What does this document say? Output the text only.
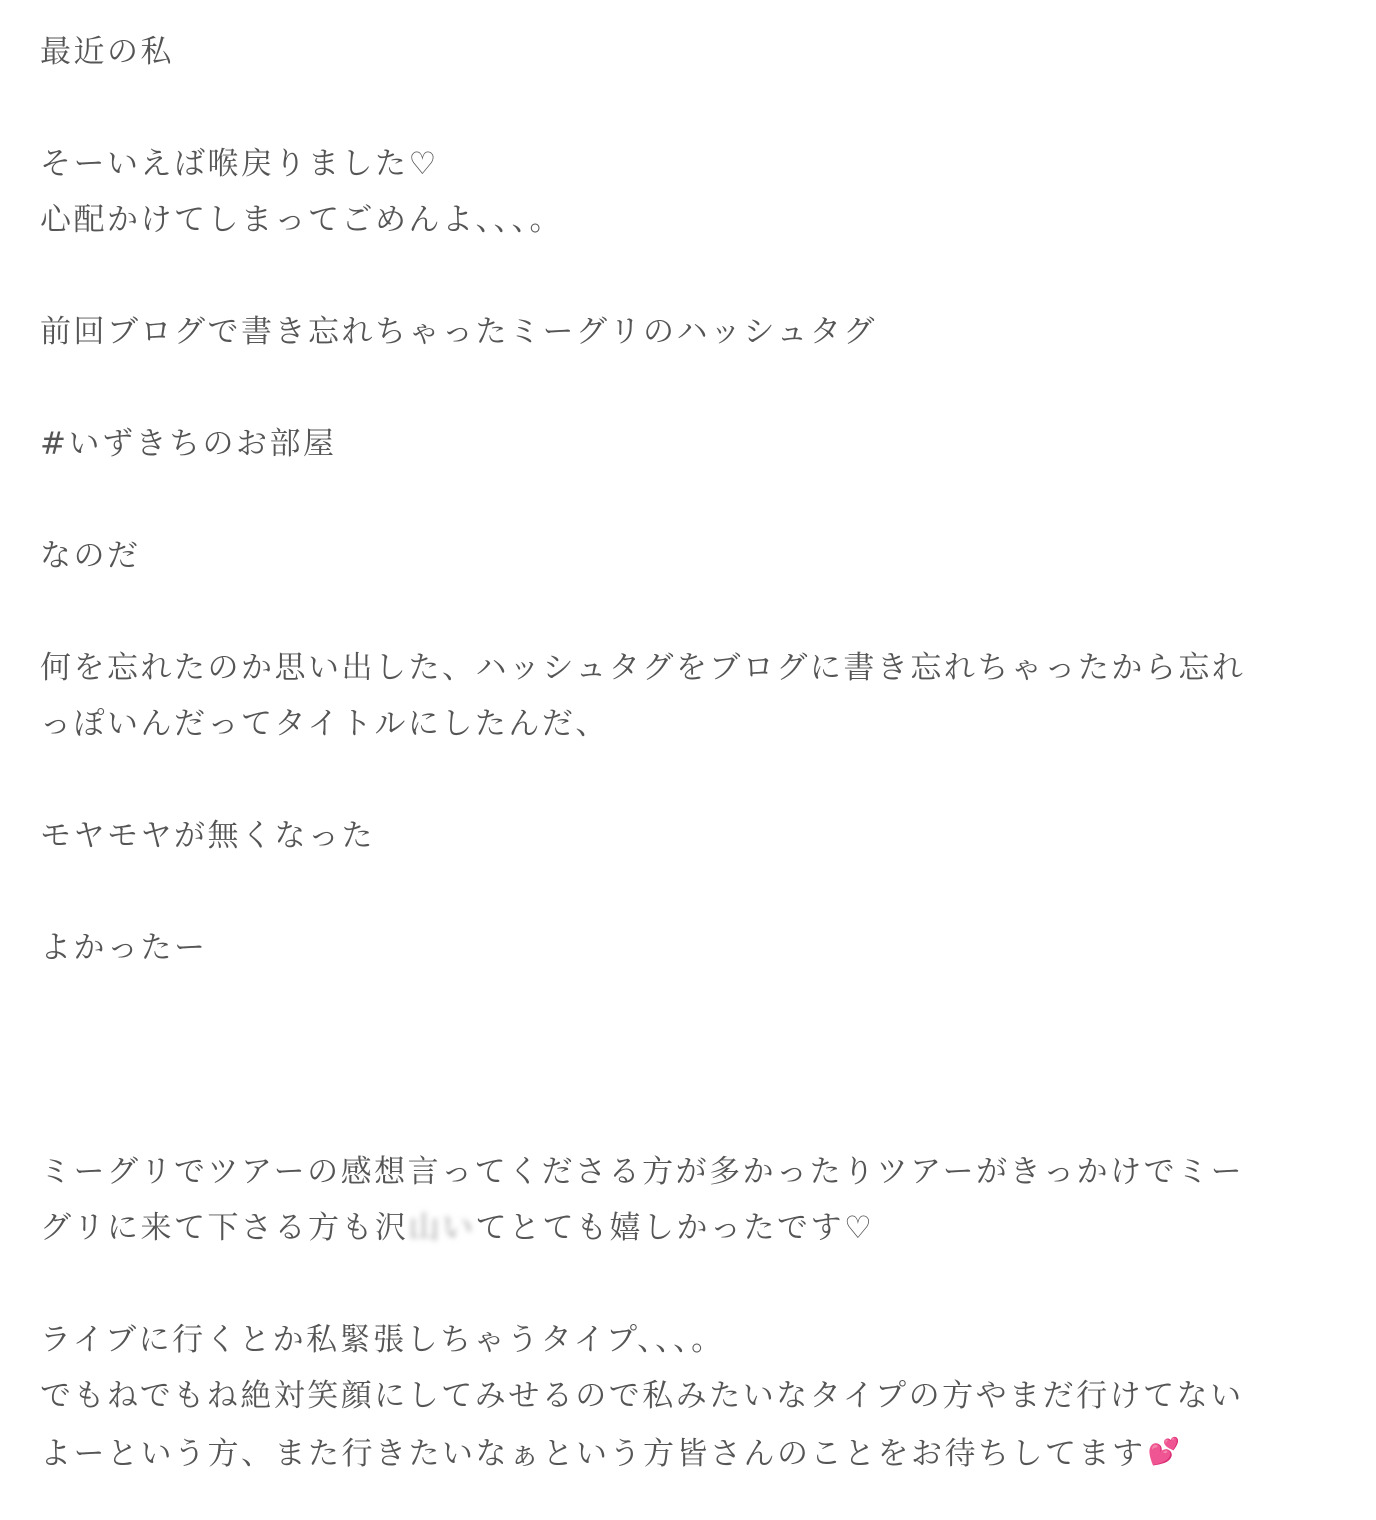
最近の私
そーいえば喉戻りました♡
心配かけてしまってごめんよ、、、。
前回ブログで書き忘れちゃったミーグリのハッシュタグ
#いずきちのお部屋
なのだ
何を忘れたのか思い出した、ハッシュタグをブログに書き忘れちゃったから忘れ
っぽいんだってタイトルにしたんだ、
モヤモヤが無くなった
よかったー
ミーグリでツアーの感想言ってくださる方が多かったりツアーがきっかけでミー
グリに来て下さる方も沢山いてとても嬉しかったです♡
ライブに行くとか私緊張しちゃうタイプ、、、。
でもねでもね絶対笑顔にしてみせるので私みたいなタイプの方やまだ行けてない
よーという方、また行きたいなぁという方皆さんのことをお待ちしてます💕
